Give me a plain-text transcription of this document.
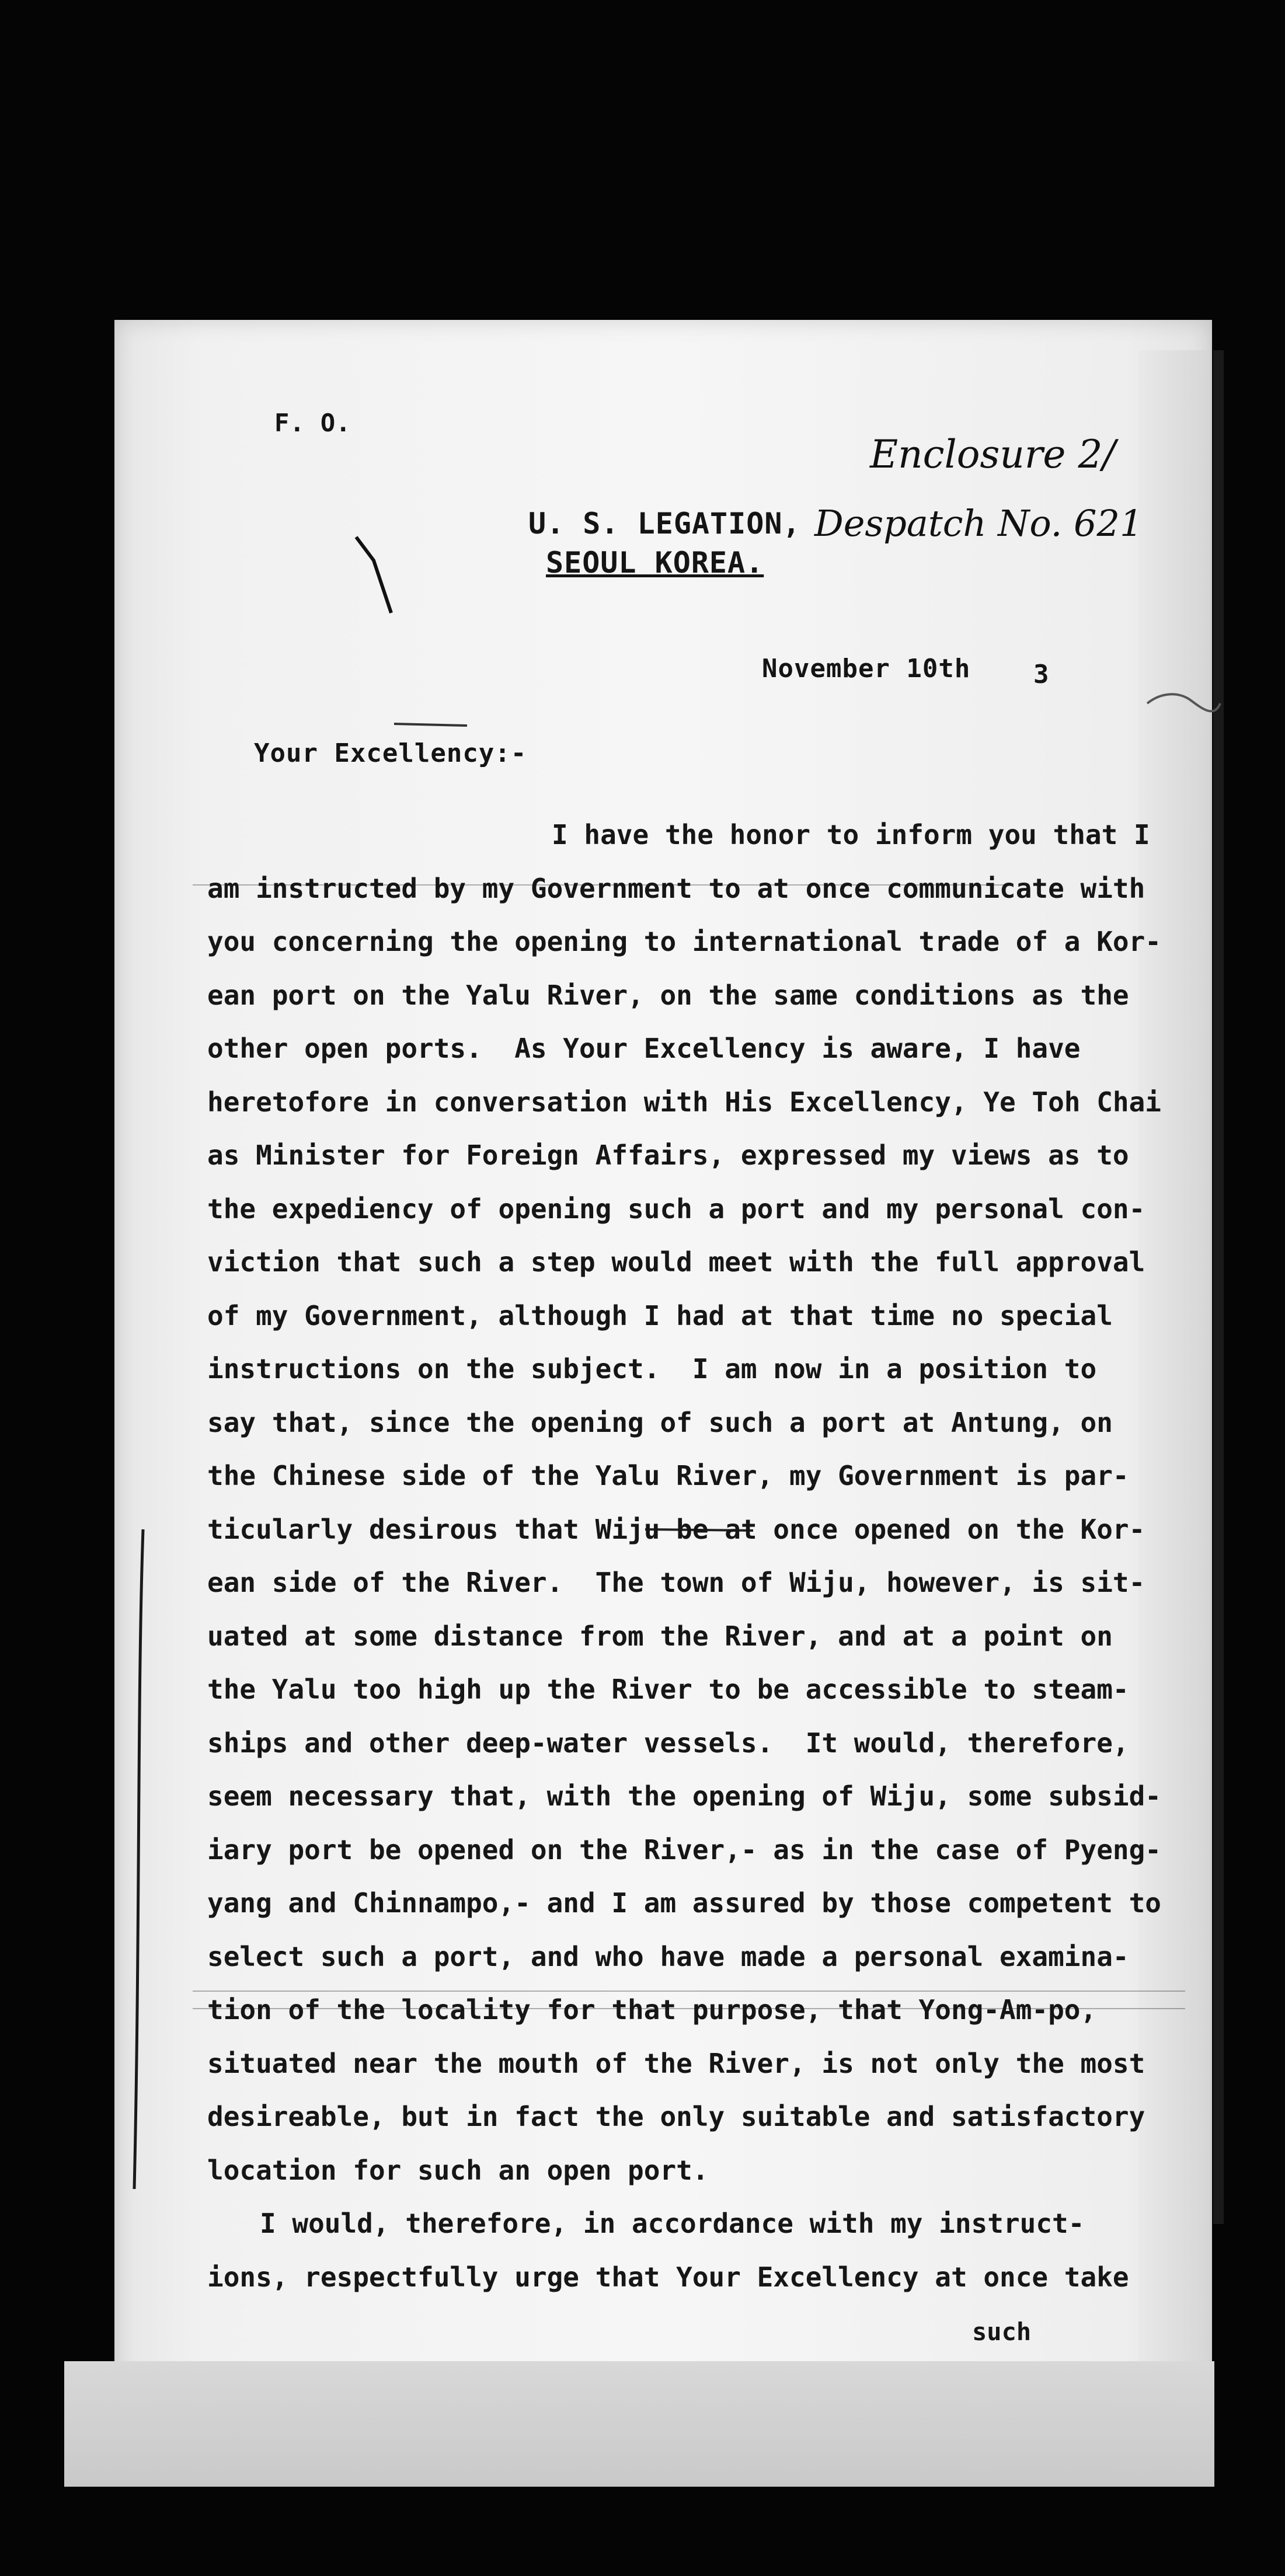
F. O.
Enclosure 2/
Despatch No. 621
U. S. LEGATION,
SEOUL KOREA.
November 10th 3
Your Excellency:-
I have the honor to inform you that I
am instructed by my Government to at once communicate with
you concerning the opening to international trade of a Kor-
ean port on the Yalu River, on the same conditions as the
other open ports.  As Your Excellency is aware, I have
heretofore in conversation with His Excellency, Ye Toh Chai
as Minister for Foreign Affairs, expressed my views as to
the expediency of opening such a port and my personal con-
viction that such a step would meet with the full approval
of my Government, although I had at that time no special
instructions on the subject.  I am now in a position to
say that, since the opening of such a port at Antung, on
the Chinese side of the Yalu River, my Government is par-
ticularly desirous that Wiju be at once opened on the Kor-
ean side of the River.  The town of Wiju, however, is sit-
uated at some distance from the River, and at a point on
the Yalu too high up the River to be accessible to steam-
ships and other deep-water vessels.  It would, therefore,
seem necessary that, with the opening of Wiju, some subsid-
iary port be opened on the River,- as in the case of Pyeng-
yang and Chinnampo,- and I am assured by those competent to
select such a port, and who have made a personal examina-
tion of the locality for that purpose, that Yong-Am-po,
situated near the mouth of the River, is not only the most
desireable, but in fact the only suitable and satisfactory
location for such an open port.
I would, therefore, in accordance with my instruct-
ions, respectfully urge that Your Excellency at once take
such
